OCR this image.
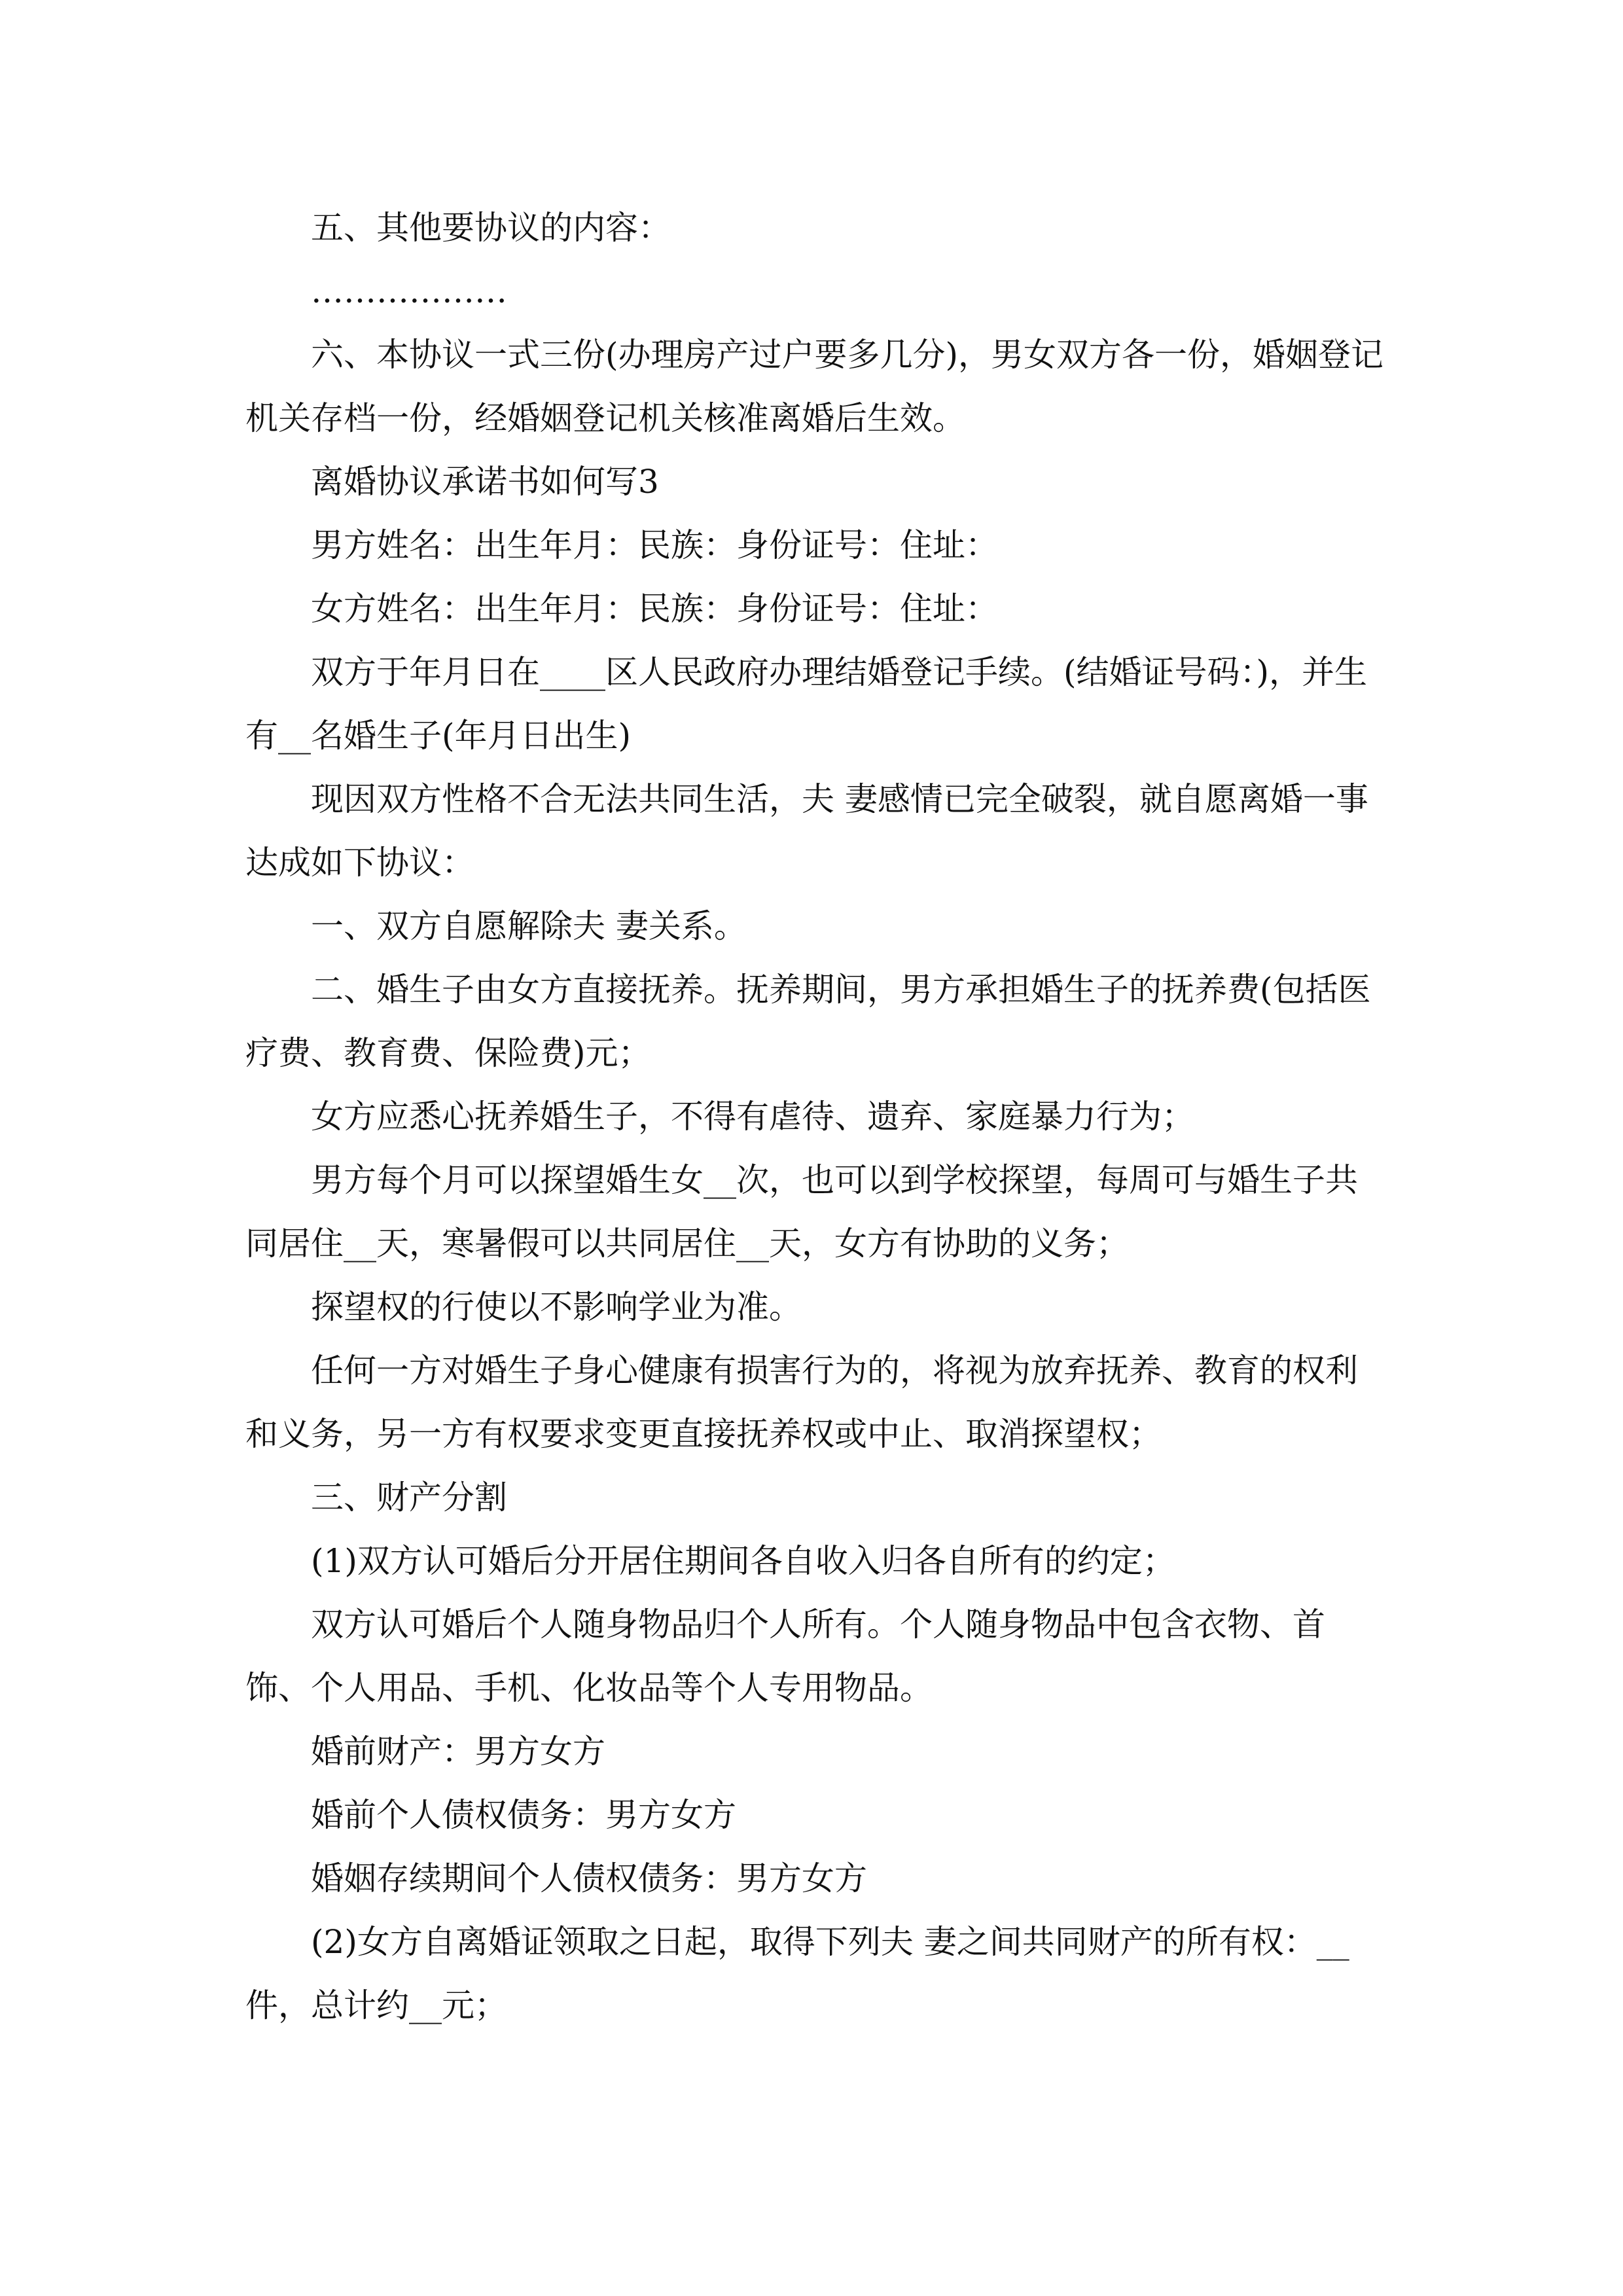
五、其他要协议的内容：

………………

六、本协议一式三份(办理房产过户要多几分)，男女双方各一份，婚姻登记机关存档一份，经婚姻登记机关核准离婚后生效。

离婚协议承诺书如何写3

男方姓名：出生年月：民族：身份证号：住址：

女方姓名：出生年月：民族：身份证号：住址：

双方于年月日在____区人民政府办理结婚登记手续。(结婚证号码：)，并生有__名婚生子(年月日出生)

现因双方性格不合无法共同生活，夫 妻感情已完全破裂，就自愿离婚一事达成如下协议：

一、双方自愿解除夫 妻关系。

二、婚生子由女方直接抚养。抚养期间，男方承担婚生子的抚养费(包括医疗费、教育费、保险费)元；

女方应悉心抚养婚生子，不得有虐待、遗弃、家庭暴力行为；

男方每个月可以探望婚生女__次，也可以到学校探望，每周可与婚生子共同居住__天，寒暑假可以共同居住__天，女方有协助的义务；

探望权的行使以不影响学业为准。

任何一方对婚生子身心健康有损害行为的，将视为放弃抚养、教育的权利和义务，另一方有权要求变更直接抚养权或中止、取消探望权；

三、财产分割

(1)双方认可婚后分开居住期间各自收入归各自所有的约定；

双方认可婚后个人随身物品归个人所有。个人随身物品中包含衣物、首饰、个人用品、手机、化妆品等个人专用物品。

婚前财产：男方女方

婚前个人债权债务：男方女方

婚姻存续期间个人债权债务：男方女方

(2)女方自离婚证领取之日起，取得下列夫 妻之间共同财产的所有权：__件，总计约__元；
